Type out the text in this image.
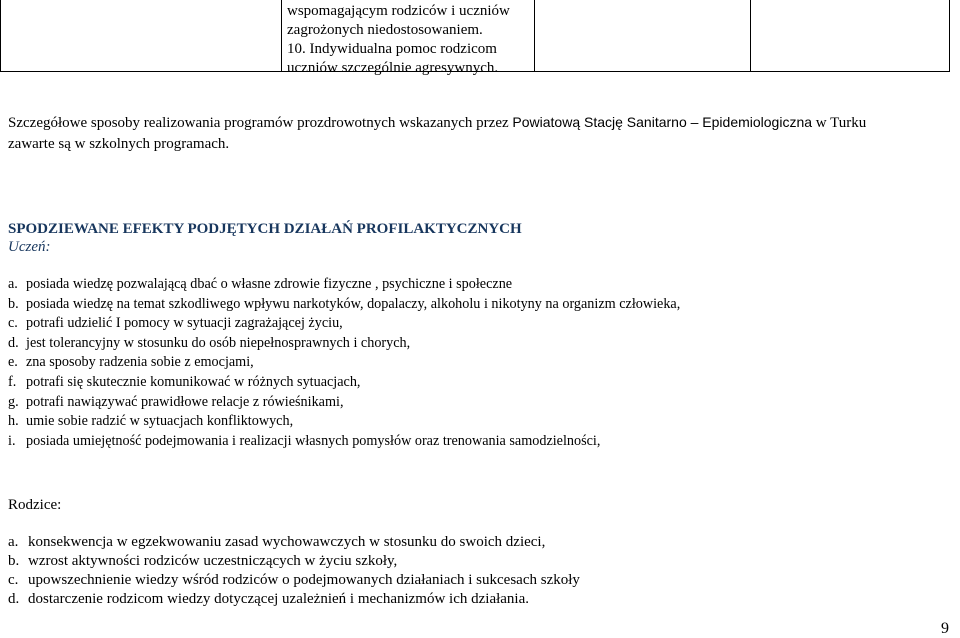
wspomagającym rodziców i uczniów
zagrożonych niedostosowaniem.
10. Indywidualna pomoc rodzicom
uczniów szczególnie agresywnych.
Szczegółowe sposoby realizowania programów prozdrowotnych wskazanych przez Powiatową Stację Sanitarno – Epidemiologiczna w Turku
zawarte są w szkolnych programach.
SPODZIEWANE EFEKTY PODJĘTYCH DZIAŁAŃ PROFILAKTYCZNYCH
Uczeń:
a. posiada wiedzę pozwalającą dbać o własne zdrowie fizyczne , psychiczne i społeczne
b. posiada wiedzę na temat szkodliwego wpływu narkotyków, dopalaczy, alkoholu i nikotyny na organizm człowieka,
c. potrafi udzielić I pomocy w sytuacji zagrażającej życiu,
d. jest tolerancyjny w stosunku do osób niepełnosprawnych i chorych,
e. zna sposoby radzenia sobie z emocjami,
f. potrafi się skutecznie komunikować w różnych sytuacjach,
g. potrafi nawiązywać prawidłowe relacje z rówieśnikami,
h. umie sobie radzić w sytuacjach konfliktowych,
i. posiada umiejętność podejmowania i realizacji własnych pomysłów oraz trenowania samodzielności,
Rodzice:
a. konsekwencja w egzekwowaniu zasad wychowawczych w stosunku do swoich dzieci,
b. wzrost aktywności rodziców uczestniczących w życiu szkoły,
c. upowszechnienie wiedzy wśród rodziców o podejmowanych działaniach i sukcesach szkoły
d. dostarczenie rodzicom wiedzy dotyczącej uzależnień i mechanizmów ich działania.
9
